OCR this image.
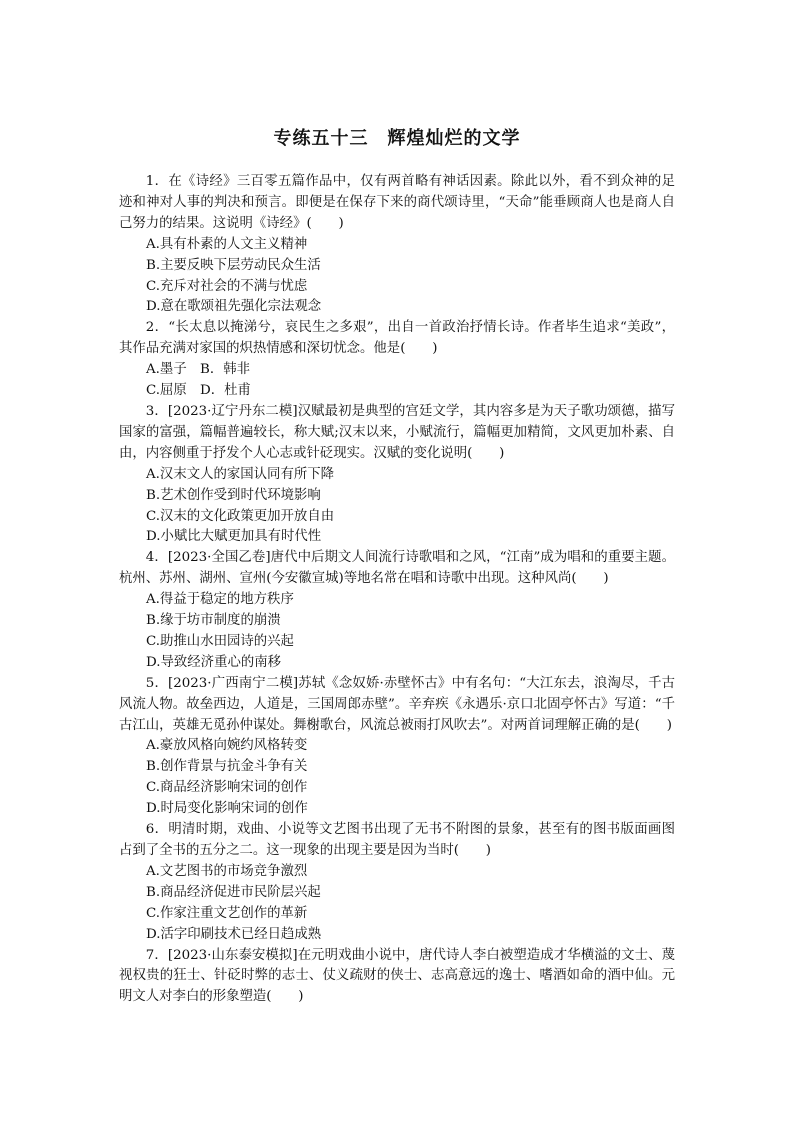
专练五十三　辉煌灿烂的文学

1．在《诗经》三百零五篇作品中，仅有两首略有神话因素。除此以外，看不到众神的足迹和神对人事的判决和预言。即便是在保存下来的商代颂诗里，“天命”能垂顾商人也是商人自己努力的结果。这说明《诗经》(　　)

A.具有朴素的人文主义精神

B.主要反映下层劳动民众生活

C.充斥对社会的不满与忧虑

D.意在歌颂祖先强化宗法观念

2．“长太息以掩涕兮，哀民生之多艰”，出自一首政治抒情长诗。作者毕生追求“美政”，其作品充满对家国的炽热情感和深切忧念。他是(　　)

A.墨子 B．韩非

C.屈原 D．杜甫

3．[2023·辽宁丹东二模]汉赋最初是典型的宫廷文学，其内容多是为天子歌功颂德，描写国家的富强，篇幅普遍较长，称大赋;汉末以来，小赋流行，篇幅更加精简，文风更加朴素、自由，内容侧重于抒发个人心志或针砭现实。汉赋的变化说明(　　)

A.汉末文人的家国认同有所下降

B.艺术创作受到时代环境影响

C.汉末的文化政策更加开放自由

D.小赋比大赋更加具有时代性

4．[2023·全国乙卷]唐代中后期文人间流行诗歌唱和之风，“江南”成为唱和的重要主题。杭州、苏州、湖州、宣州(今安徽宣城)等地名常在唱和诗歌中出现。这种风尚(　　)

A.得益于稳定的地方秩序

B.缘于坊市制度的崩溃

C.助推山水田园诗的兴起

D.导致经济重心的南移

5．[2023·广西南宁二模]苏轼《念奴娇·赤壁怀古》中有名句：“大江东去，浪淘尽，千古风流人物。故垒西边，人道是，三国周郎赤壁”。辛弃疾《永遇乐·京口北固亭怀古》写道：“千古江山，英雄无觅孙仲谋处。舞榭歌台，风流总被雨打风吹去”。对两首词理解正确的是(　　)

A.豪放风格向婉约风格转变

B.创作背景与抗金斗争有关

C.商品经济影响宋词的创作

D.时局变化影响宋词的创作

6．明清时期，戏曲、小说等文艺图书出现了无书不附图的景象，甚至有的图书版面画图占到了全书的五分之二。这一现象的出现主要是因为当时(　　)

A.文艺图书的市场竞争激烈

B.商品经济促进市民阶层兴起

C.作家注重文艺创作的革新

D.活字印刷技术已经日趋成熟

7．[2023·山东泰安模拟]在元明戏曲小说中，唐代诗人李白被塑造成才华横溢的文士、蔑视权贵的狂士、针砭时弊的志士、仗义疏财的侠士、志高意远的逸士、嗜酒如命的酒中仙。元明文人对李白的形象塑造(　　)
